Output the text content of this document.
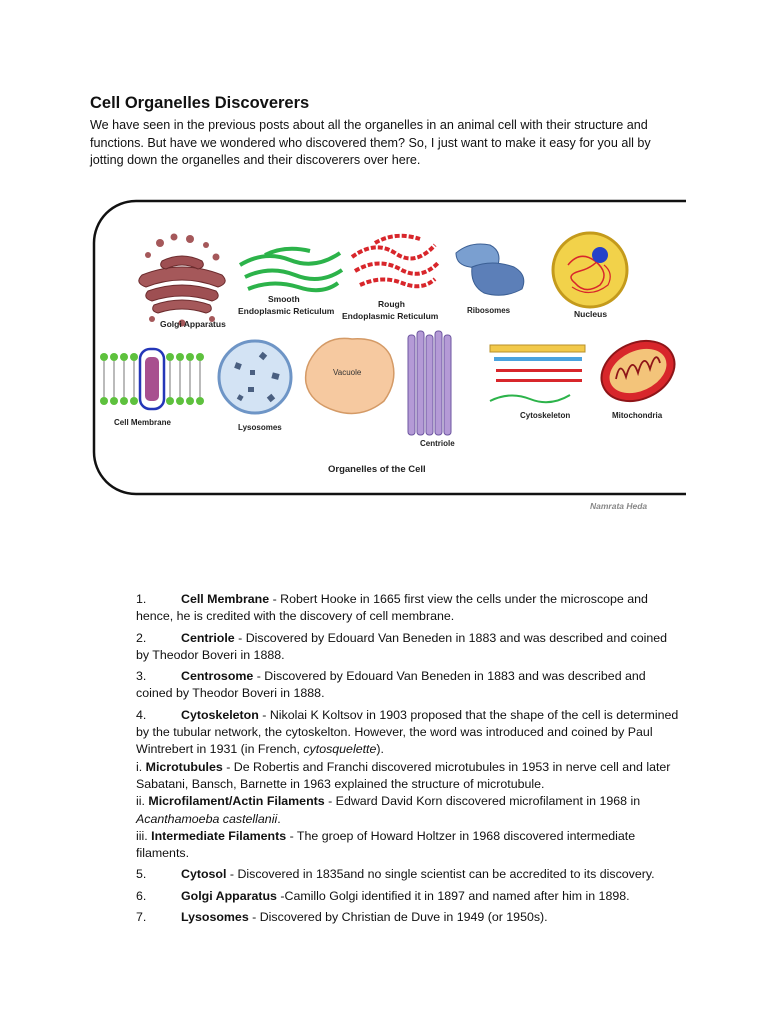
Cell Organelles Discoverers
We have seen in the previous posts about all the organelles in an animal cell with their structure and functions. But have we wondered who discovered them? So, I just want to make it easy for you all by jotting down the organelles and their discoverers over here.
Golgi Apparatus
Smooth
Endoplasmic Reticulum
Rough
Endoplasmic Reticulum
Ribosomes	Nucleus
Cell Membrane
Lysosomes
Vacuole
Centriole
Cytoskeleton	Mitochondria
Organelles of the Cell
Namrata Heda
1.	Cell Membrane - Robert Hooke in 1665 first view the cells under the microscope and hence, he is credited with the discovery of cell membrane.
2.	Centriole - Discovered by Edouard Van Beneden in 1883 and was described and coined by Theodor Boveri in 1888.
3.	Centrosome - Discovered by Edouard Van Beneden in 1883 and was described and coined by Theodor Boveri in 1888.
4.	Cytoskeleton - Nikolai K Koltsov in 1903 proposed that the shape of the cell is determined by the tubular network, the cytoskelton. However, the word was introduced and coined by Paul Wintrebert in 1931 (in French, cytosquelette).
i. Microtubules - De Robertis and Franchi discovered microtubules in 1953 in nerve cell and later Sabatani, Bansch, Barnette in 1963 explained the structure of microtubule.
ii. Microfilament/Actin Filaments - Edward David Korn discovered microfilament in 1968 in Acanthamoeba castellanii.
iii. Intermediate Filaments - The groep of Howard Holtzer in 1968 discovered intermediate filaments.
5.	Cytosol - Discovered in 1835and no single scientist can be accredited to its discovery.
6.	Golgi Apparatus -Camillo Golgi identified it in 1897 and named after him in 1898.
7.	Lysosomes - Discovered by Christian de Duve in 1949 (or 1950s).
